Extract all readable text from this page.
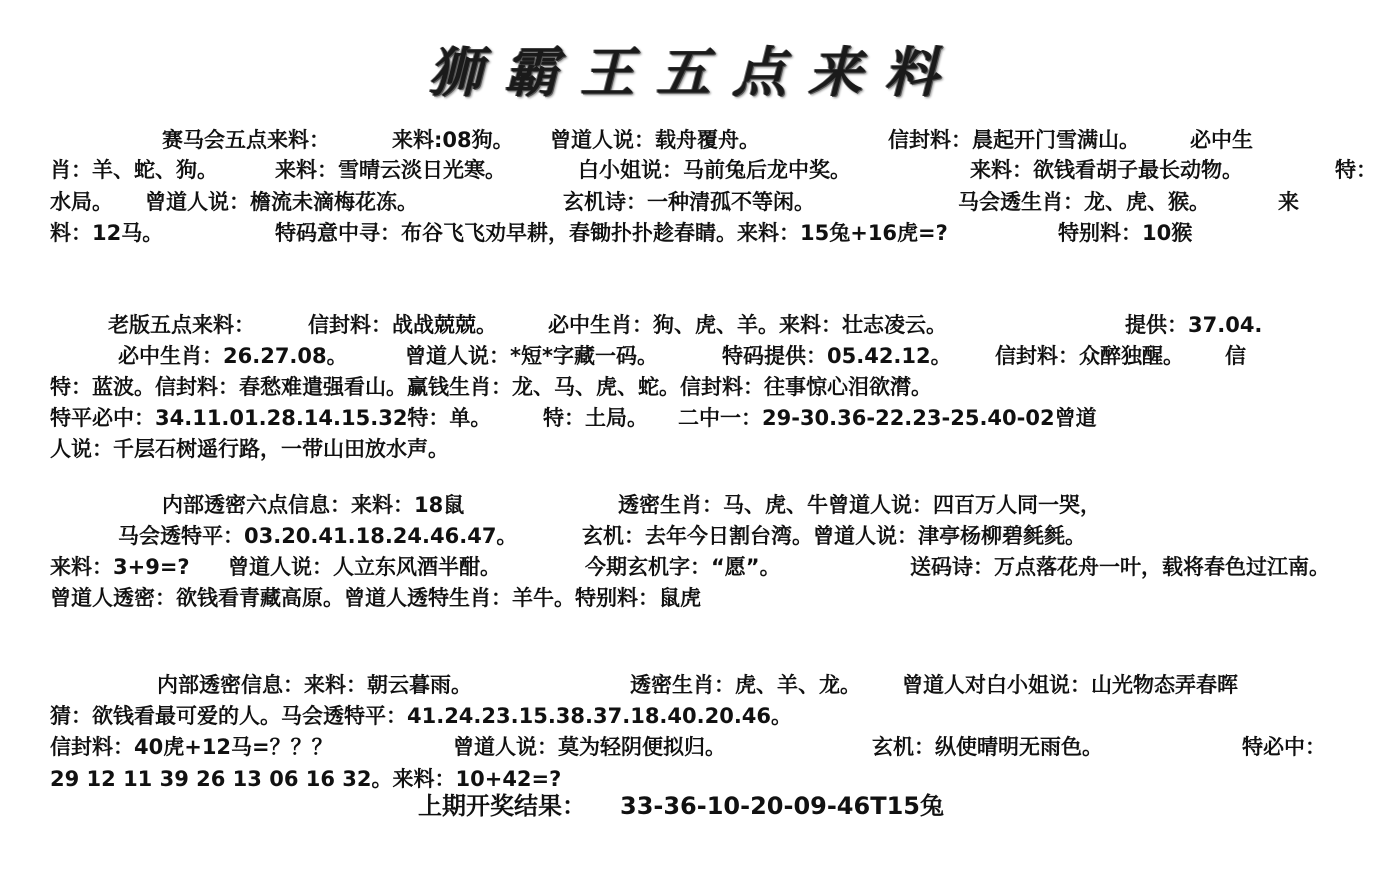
狮霸王五点来料
赛马会五点来料：	来料:08狗。 曾道人说：载舟覆舟。	信封料：晨起开门雪满山。 必中生
肖：羊、蛇、狗。	来料：雪晴云淡日光寒。	白小姐说：马前兔后龙中奖。	来料：欲钱看胡子最长动物。	特：
水局。 曾道人说：檐流未滴梅花冻。	玄机诗：一种清孤不等闲。	马会透生肖：龙、虎、猴。	来
料：12马。	特码意中寻：布谷飞飞劝早耕，春锄扑扑趁春睛。来料：15兔+16虎=?	特别料：10猴
老版五点来料：	信封料：战战兢兢。 必中生肖：狗、虎、羊。来料：壮志凌云。	提供：37.04.
必中生肖：26.27.08。	曾道人说：*短*字藏一码。	特码提供：05.42.12。 信封料：众醉独醒。 信
特：蓝波。信封料：春愁难遣强看山。赢钱生肖：龙、马、虎、蛇。信封料：往事惊心泪欲潸。
特平必中：34.11.01.28.14.15.32特：单。 特：土局。 二中一：29-30.36-22.23-25.40-02曾道
人说：千层石树遥行路，一带山田放水声。
内部透密六点信息：来料：18鼠	透密生肖：马、虎、牛曾道人说：四百万人同一哭，
马会透特平：03.20.41.18.24.46.47。	玄机：去年今日割台湾。曾道人说：津亭杨柳碧毵毵。
来料：3+9=? 曾道人说：人立东风酒半酣。	今期玄机字：“愿”。	送码诗：万点落花舟一叶，载将春色过江南。
曾道人透密：欲钱看青藏高原。曾道人透特生肖：羊牛。特别料：鼠虎
内部透密信息：来料：朝云暮雨。	透密生肖：虎、羊、龙。 曾道人对白小姐说：山光物态弄春晖
猜：欲钱看最可爱的人。马会透特平：41.24.23.15.38.37.18.40.20.46。
信封料：40虎+12马=？？？	曾道人说：莫为轻阴便拟归。	玄机：纵使晴明无雨色。	特必中：
29 12 11 39 26 13 06 16 32。来料：10+42=?

上期开奖结果：

33-36-10-20-09-46T15兔
